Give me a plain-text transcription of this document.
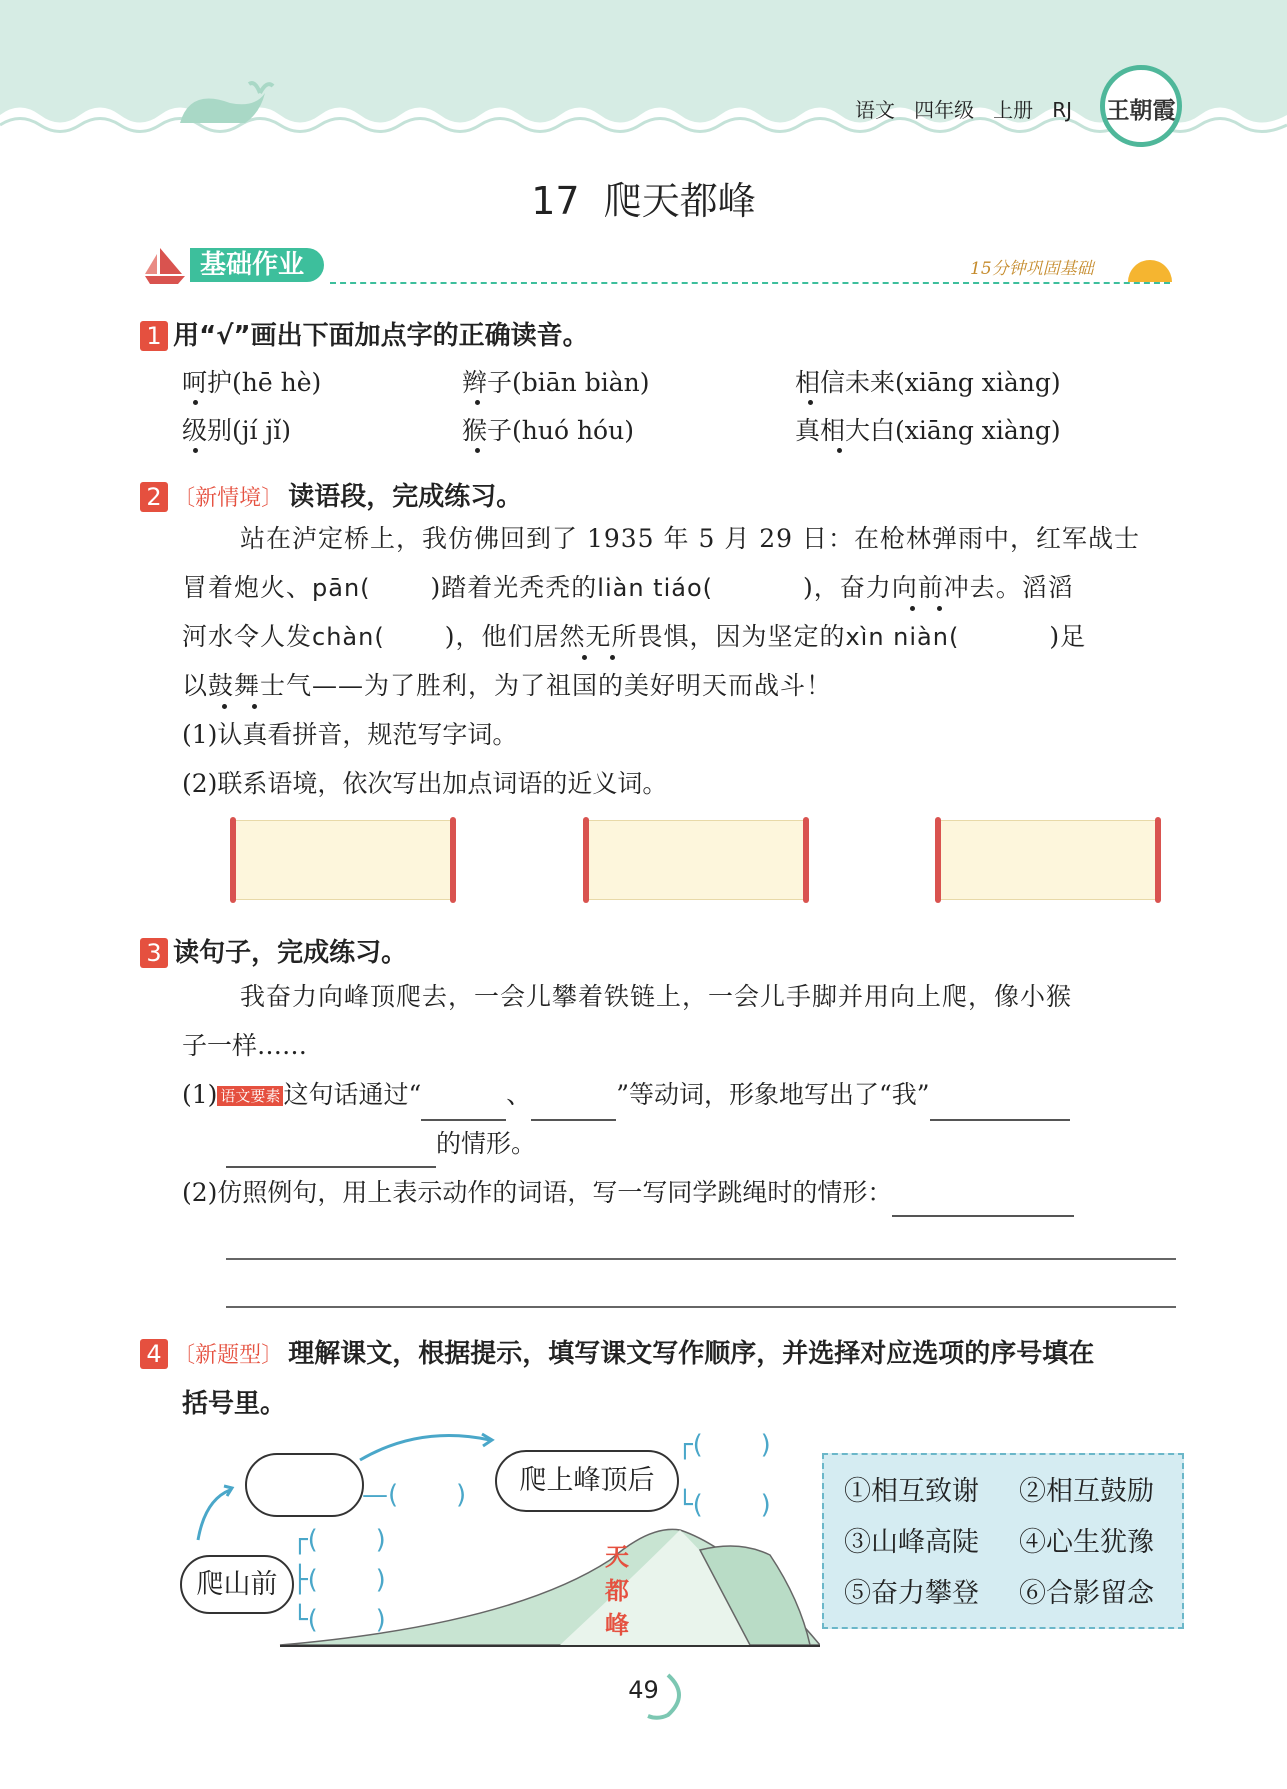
语文 四年级 上册 RJ 王朝霞
17  爬天都峰
基础作业	15分钟巩固基础
1 用“√”画出下面加点字的正确读音。
呵护(hē hè)	辫子(biān biàn)	相信未来(xiāng xiàng)
级别(jí jǐ)	猴子(huó hóu)	真相大白(xiāng xiàng)
2 〔新情境〕 读语段，完成练习。
站在泸定桥上，我仿佛回到了 1935 年 5 月 29 日：在枪林弹雨中，红军战士
冒着炮火、pān( )踏着光秃秃的liàn tiáo(	)，奋力向前冲去。滔滔
河水令人发chàn( )，他们居然无所畏惧，因为坚定的xìn niàn(	)足
以鼓舞士气——为了胜利，为了祖国的美好明天而战斗！
(1)认真看拼音，规范写字词。
(2)联系语境，依次写出加点词语的近义词。
3 读句子，完成练习。
我奋力向峰顶爬去，一会儿攀着铁链上，一会儿手脚并用向上爬，像小猴
子一样……
(1) 语文要素 这句话通过“	、	”等动词，形象地写出了“我”
的情形。
(2)仿照例句，用上表示动作的词语，写一写同学跳绳时的情形：
4 〔新题型〕 理解课文，根据提示，填写课文写作顺序，并选择对应选项的序号填在
括号里。
爬山前
爬上峰顶后
天
都
峰
—(       )
┌(       )
└(       )
┌(       )
├(       )
└(       )
①相互致谢 ②相互鼓励
③山峰高陡 ④心生犹豫
⑤奋力攀登 ⑥合影留念
49
